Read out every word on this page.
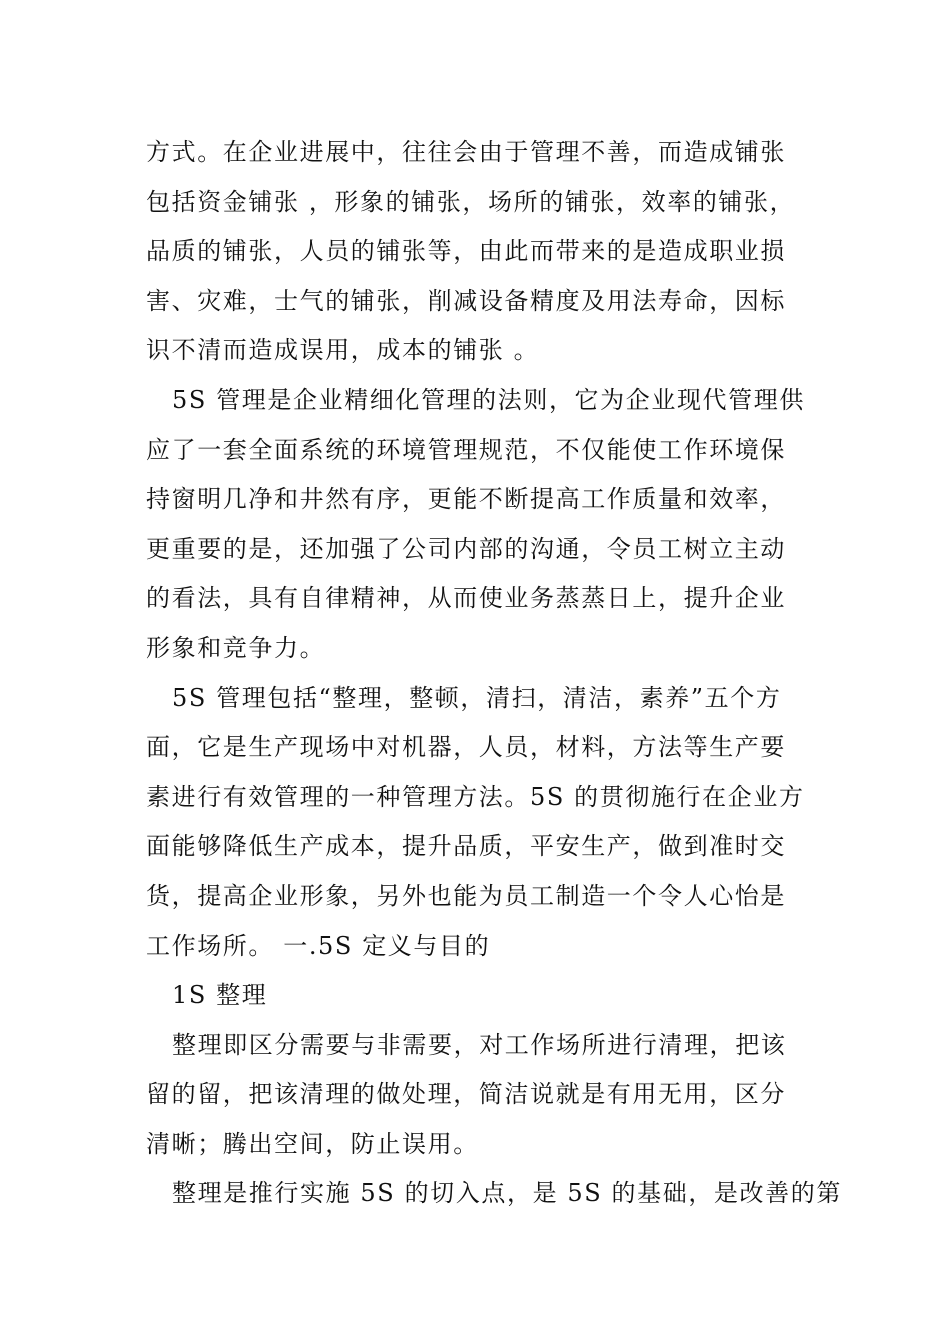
方式。在企业进展中，往往会由于管理不善，而造成铺张
包括资金铺张 ，形象的铺张，场所的铺张，效率的铺张，
品质的铺张，人员的铺张等，由此而带来的是造成职业损
害、灾难，士气的铺张，削减设备精度及用法寿命，因标
识不清而造成误用，成本的铺张 。

5S 管理是企业精细化管理的法则，它为企业现代管理供
应了一套全面系统的环境管理规范，不仅能使工作环境保
持窗明几净和井然有序，更能不断提高工作质量和效率，
更重要的是，还加强了公司内部的沟通，令员工树立主动
的看法，具有自律精神，从而使业务蒸蒸日上，提升企业
形象和竞争力。

5S 管理包括“整理，整顿，清扫，清洁，素养”五个方
面，它是生产现场中对机器，人员，材料，方法等生产要
素进行有效管理的一种管理方法。5S 的贯彻施行在企业方
面能够降低生产成本，提升品质，平安生产，做到准时交
货，提高企业形象，另外也能为员工制造一个令人心怡是
工作场所。 一.5S 定义与目的

1S 整理

整理即区分需要与非需要，对工作场所进行清理，把该
留的留，把该清理的做处理，简洁说就是有用无用，区分
清晰；腾出空间，防止误用。

整理是推行实施 5S 的切入点，是 5S 的基础，是改善的第
